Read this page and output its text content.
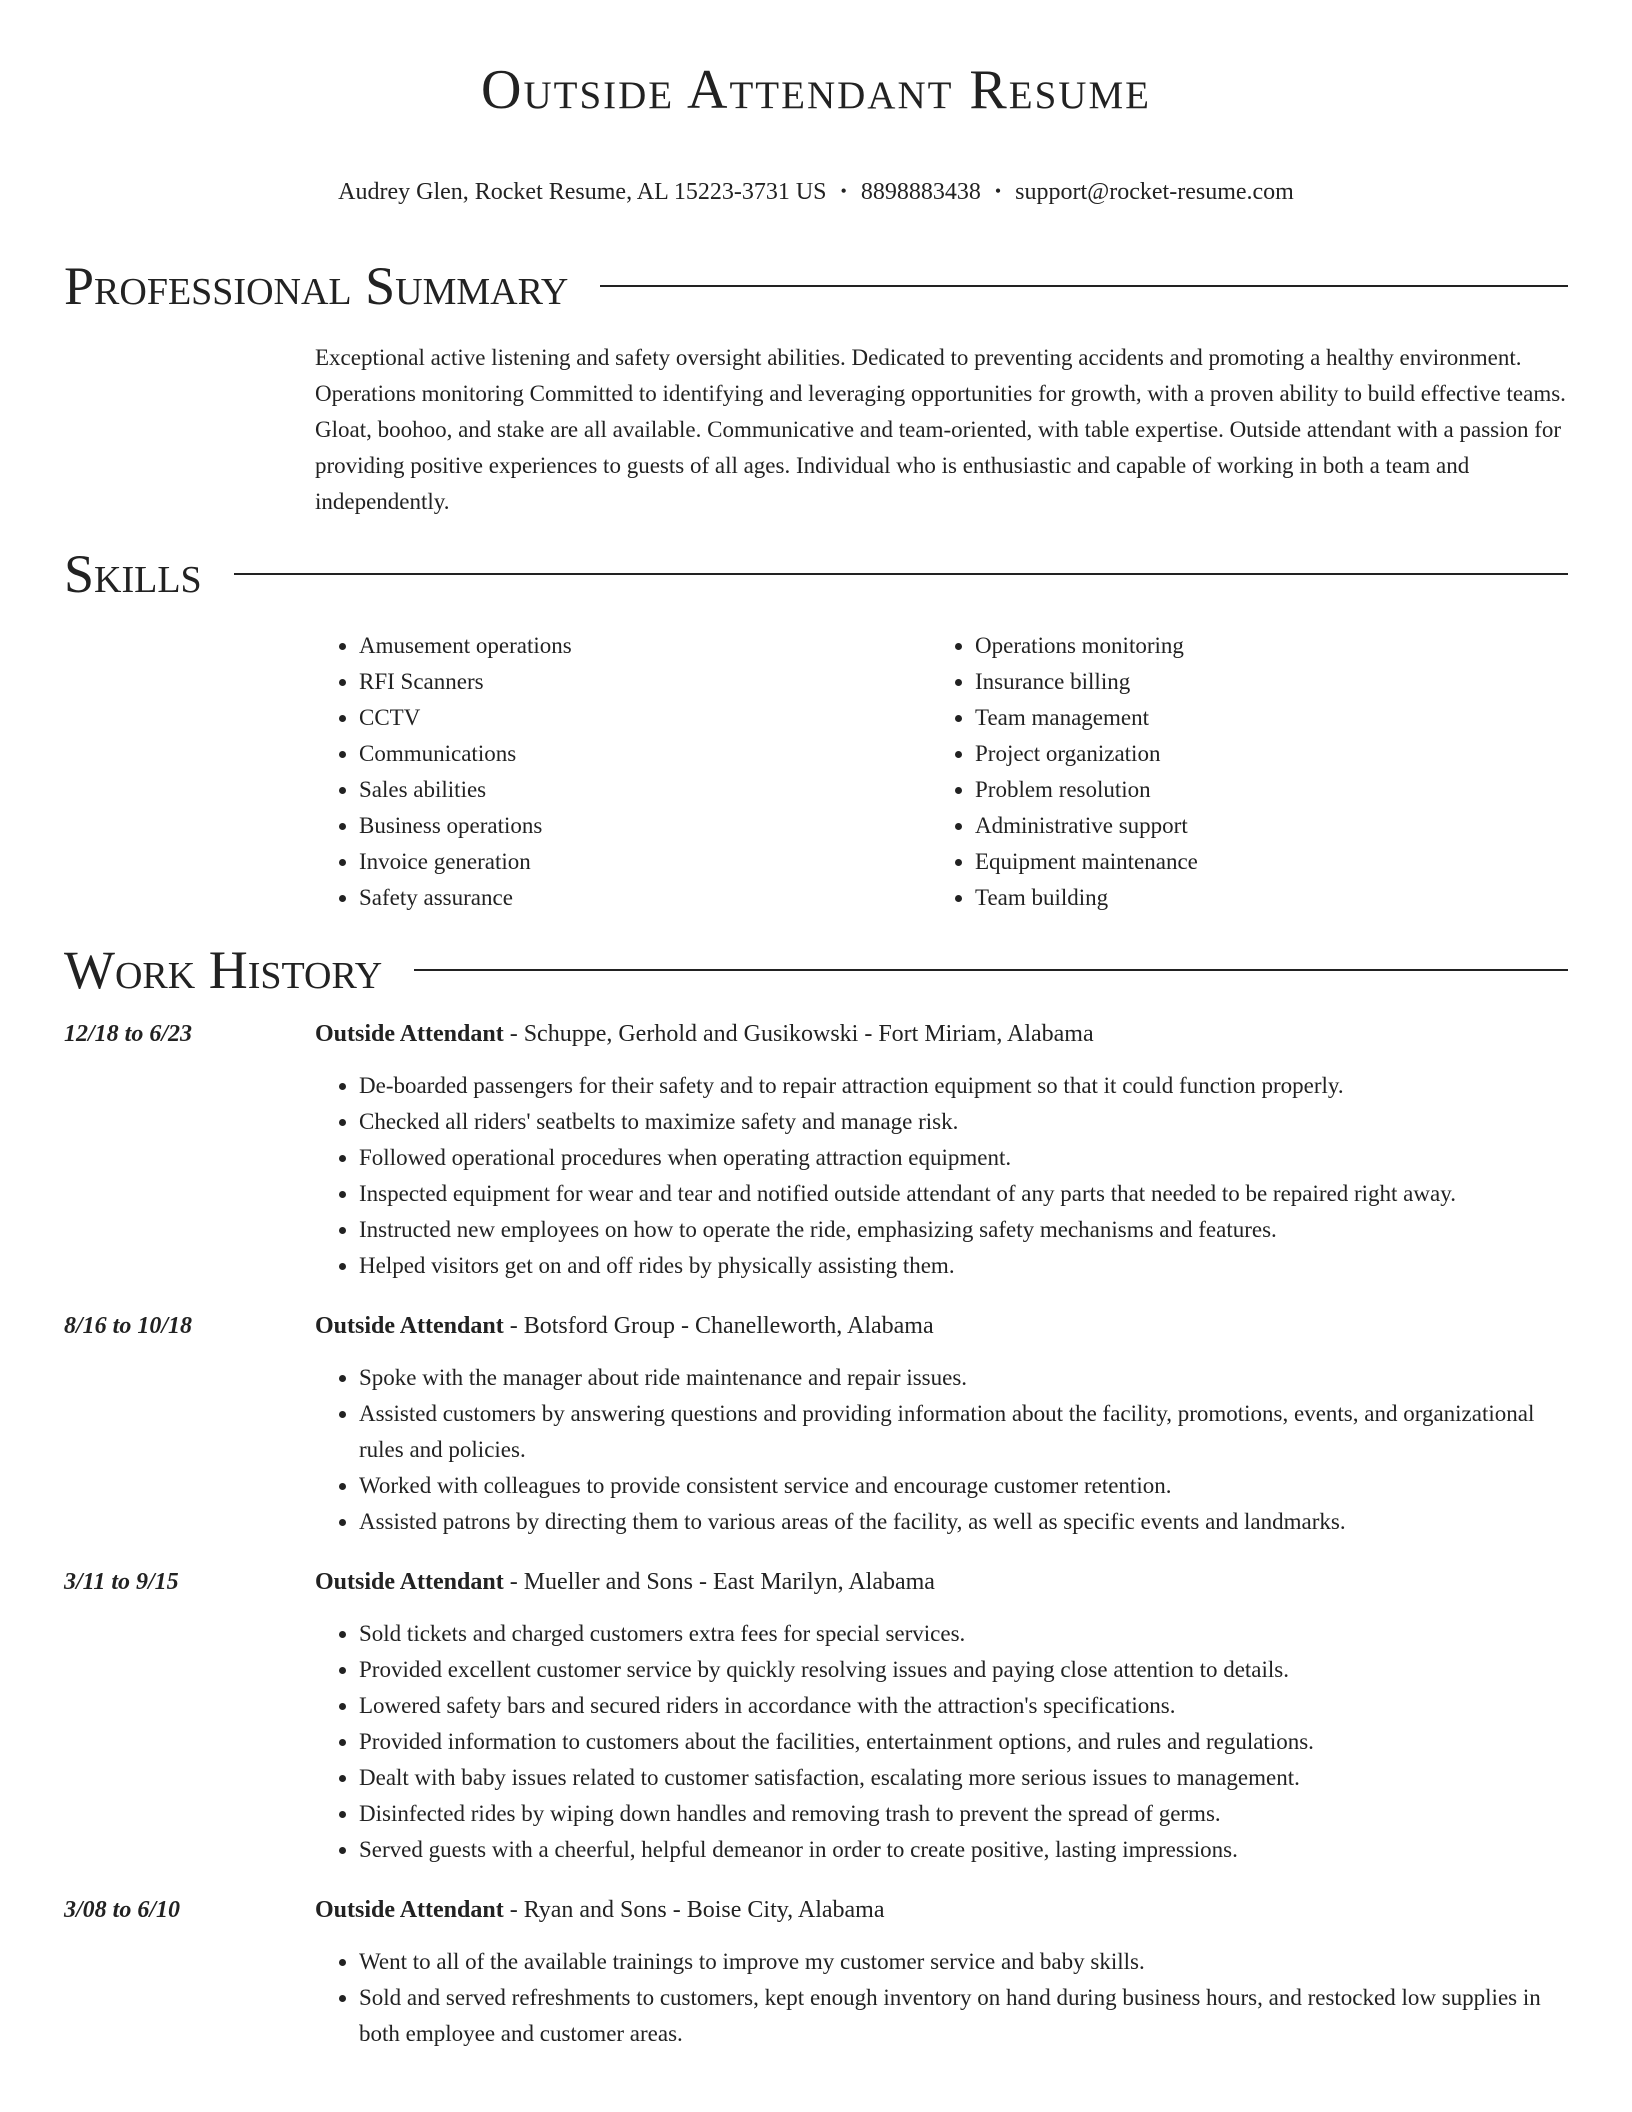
Outside Attendant Resume
Audrey Glen, Rocket Resume, AL 15223-3731 US • 8898883438 • support@rocket-resume.com
Professional Summary

Exceptional active listening and safety oversight abilities. Dedicated to preventing accidents and promoting a healthy environment. Operations monitoring Committed to identifying and leveraging opportunities for growth, with a proven ability to build effective teams. Gloat, boohoo, and stake are all available. Communicative and team-oriented, with table expertise. Outside attendant with a passion for providing positive experiences to guests of all ages. Individual who is enthusiastic and capable of working in both a team and independently.

Skills
• Amusement operations
• RFI Scanners
• CCTV
• Communications
• Sales abilities
• Business operations
• Invoice generation
• Safety assurance
• Operations monitoring
• Insurance billing
• Team management
• Project organization
• Problem resolution
• Administrative support
• Equipment maintenance
• Team building
Work History
12/18 to 6/23	Outside Attendant - Schuppe, Gerhold and Gusikowski - Fort Miriam, Alabama
• De-boarded passengers for their safety and to repair attraction equipment so that it could function properly.
• Checked all riders' seatbelts to maximize safety and manage risk.
• Followed operational procedures when operating attraction equipment.
• Inspected equipment for wear and tear and notified outside attendant of any parts that needed to be repaired right away.
• Instructed new employees on how to operate the ride, emphasizing safety mechanisms and features.
• Helped visitors get on and off rides by physically assisting them.
8/16 to 10/18	Outside Attendant - Botsford Group - Chanelleworth, Alabama
• Spoke with the manager about ride maintenance and repair issues.
• Assisted customers by answering questions and providing information about the facility, promotions, events, and organizational rules and policies.
• Worked with colleagues to provide consistent service and encourage customer retention.
• Assisted patrons by directing them to various areas of the facility, as well as specific events and landmarks.
3/11 to 9/15	Outside Attendant - Mueller and Sons - East Marilyn, Alabama
• Sold tickets and charged customers extra fees for special services.
• Provided excellent customer service by quickly resolving issues and paying close attention to details.
• Lowered safety bars and secured riders in accordance with the attraction's specifications.
• Provided information to customers about the facilities, entertainment options, and rules and regulations.
• Dealt with baby issues related to customer satisfaction, escalating more serious issues to management.
• Disinfected rides by wiping down handles and removing trash to prevent the spread of germs.
• Served guests with a cheerful, helpful demeanor in order to create positive, lasting impressions.
3/08 to 6/10	Outside Attendant - Ryan and Sons - Boise City, Alabama
• Went to all of the available trainings to improve my customer service and baby skills.
• Sold and served refreshments to customers, kept enough inventory on hand during business hours, and restocked low supplies in both employee and customer areas.
